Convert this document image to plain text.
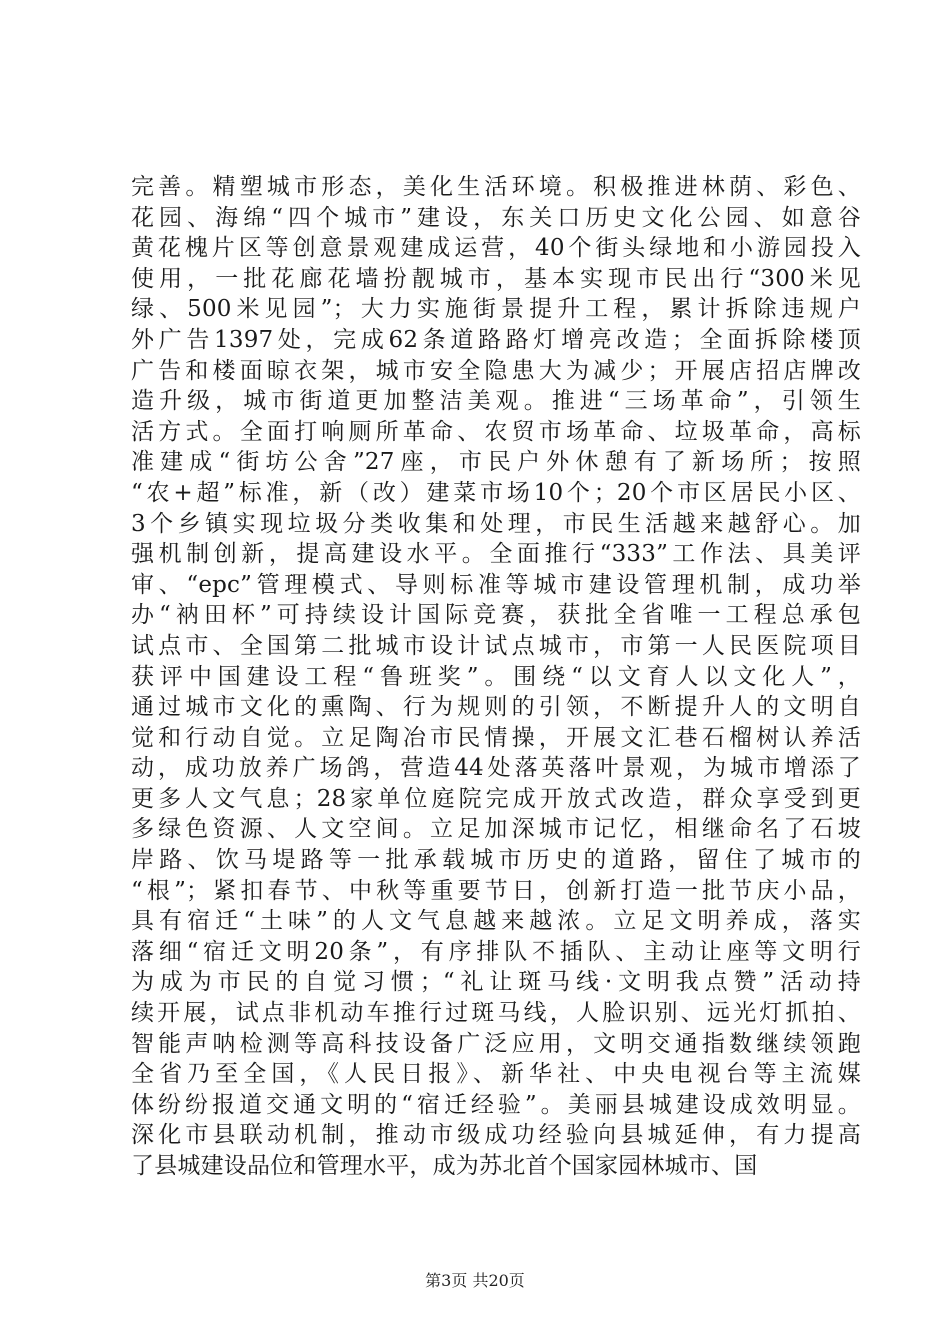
完善。精塑城市形态，美化生活环境。积极推进林荫、彩色、
花园、海绵“四个城市”建设，东关口历史文化公园、如意谷
黄花槐片区等创意景观建成运营，40个街头绿地和小游园投入
使用，一批花廊花墙扮靓城市，基本实现市民出行“300米见
绿、500米见园”；大力实施街景提升工程，累计拆除违规户
外广告1397处，完成62条道路路灯增亮改造；全面拆除楼顶
广告和楼面晾衣架，城市安全隐患大为减少；开展店招店牌改
造升级，城市街道更加整洁美观。推进“三场革命”，引领生
活方式。全面打响厕所革命、农贸市场革命、垃圾革命，高标
准建成“街坊公舍”27座，市民户外休憩有了新场所；按照
“农+超”标准，新（改）建菜市场10个；20个市区居民小区、
3个乡镇实现垃圾分类收集和处理，市民生活越来越舒心。加
强机制创新，提高建设水平。全面推行“333”工作法、具美评
审、“epc”管理模式、导则标准等城市建设管理机制，成功举
办“衲田杯”可持续设计国际竞赛，获批全省唯一工程总承包
试点市、全国第二批城市设计试点城市，市第一人民医院项目
获评中国建设工程“鲁班奖”。围绕“以文育人以文化人”，
通过城市文化的熏陶、行为规则的引领，不断提升人的文明自
觉和行动自觉。立足陶冶市民情操，开展文汇巷石榴树认养活
动，成功放养广场鸽，营造44处落英落叶景观，为城市增添了
更多人文气息；28家单位庭院完成开放式改造，群众享受到更
多绿色资源、人文空间。立足加深城市记忆，相继命名了石坡
岸路、饮马堤路等一批承载城市历史的道路，留住了城市的
“根”；紧扣春节、中秋等重要节日，创新打造一批节庆小品，
具有宿迁“土味”的人文气息越来越浓。立足文明养成，落实
落细“宿迁文明20条”，有序排队不插队、主动让座等文明行
为成为市民的自觉习惯；“礼让斑马线·文明我点赞”活动持
续开展，试点非机动车推行过斑马线，人脸识别、远光灯抓拍、
智能声呐检测等高科技设备广泛应用，文明交通指数继续领跑
全省乃至全国，《人民日报》、新华社、中央电视台等主流媒
体纷纷报道交通文明的“宿迁经验”。美丽县城建设成效明显。
深化市县联动机制，推动市级成功经验向县城延伸，有力提高
了县城建设品位和管理水平，成为苏北首个国家园林城市、国
第3页 共20页
